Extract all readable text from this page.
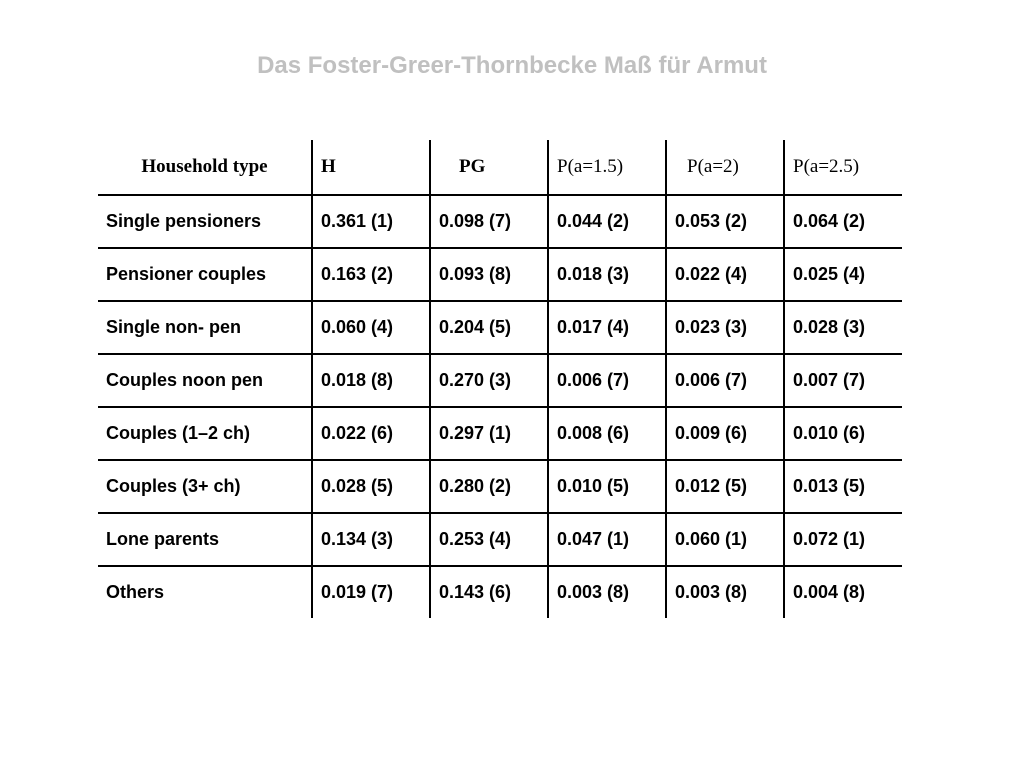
Das Foster-Greer-Thornbecke Maß für Armut
Household type	H	PG	P(a=1.5)	P(a=2)	P(a=2.5)
Single pensioners	0.361 (1)	0.098 (7)	0.044 (2)	0.053 (2)	0.064 (2)
Pensioner couples	0.163 (2)	0.093 (8)	0.018 (3)	0.022 (4)	0.025 (4)
Single non- pen	0.060 (4)	0.204 (5)	0.017 (4)	0.023 (3)	0.028 (3)
Couples noon pen	0.018 (8)	0.270 (3)	0.006 (7)	0.006 (7)	0.007 (7)
Couples (1–2 ch)	0.022 (6)	0.297 (1)	0.008 (6)	0.009 (6)	0.010 (6)
Couples (3+ ch)	0.028 (5)	0.280 (2)	0.010 (5)	0.012 (5)	0.013 (5)
Lone parents	0.134 (3)	0.253 (4)	0.047 (1)	0.060 (1)	0.072 (1)
Others	0.019 (7)	0.143 (6)	0.003 (8)	0.003 (8)	0.004 (8)
